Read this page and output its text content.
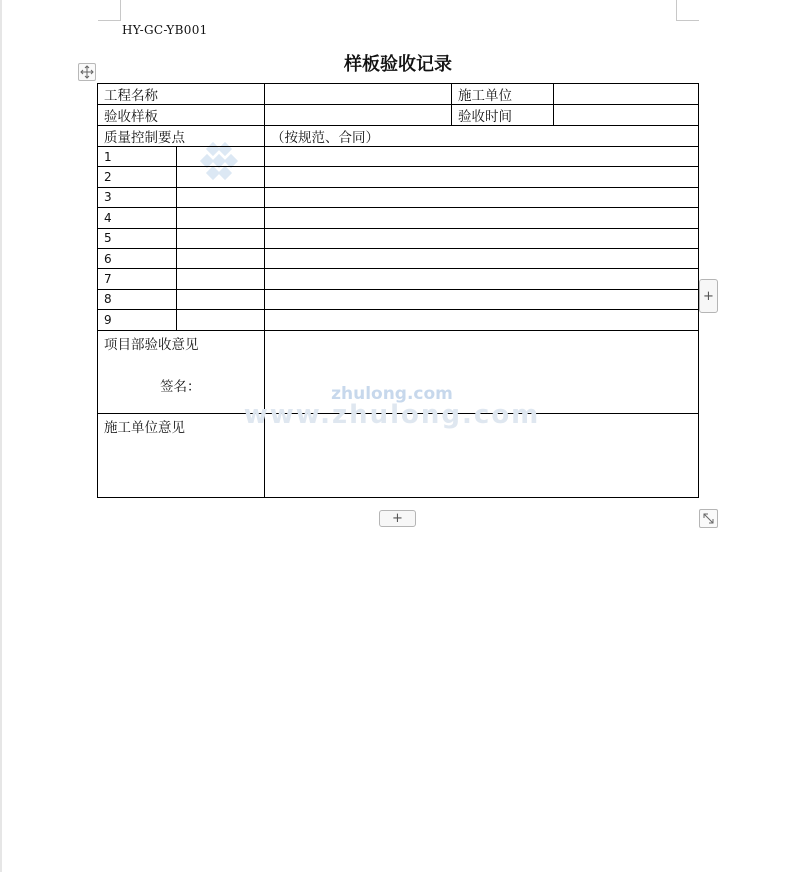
HY-GC-YB001
样板验收记录
工程名称			施工单位	
验收样板			验收时间	
质量控制要点		（按规范、合同）		
1				
2				
3				
4				
5				
6				
7				
8				
9				
项目部验收意见
签名：				

施工单位意见				
zhulong.com
www.zhulong.com
+
+
